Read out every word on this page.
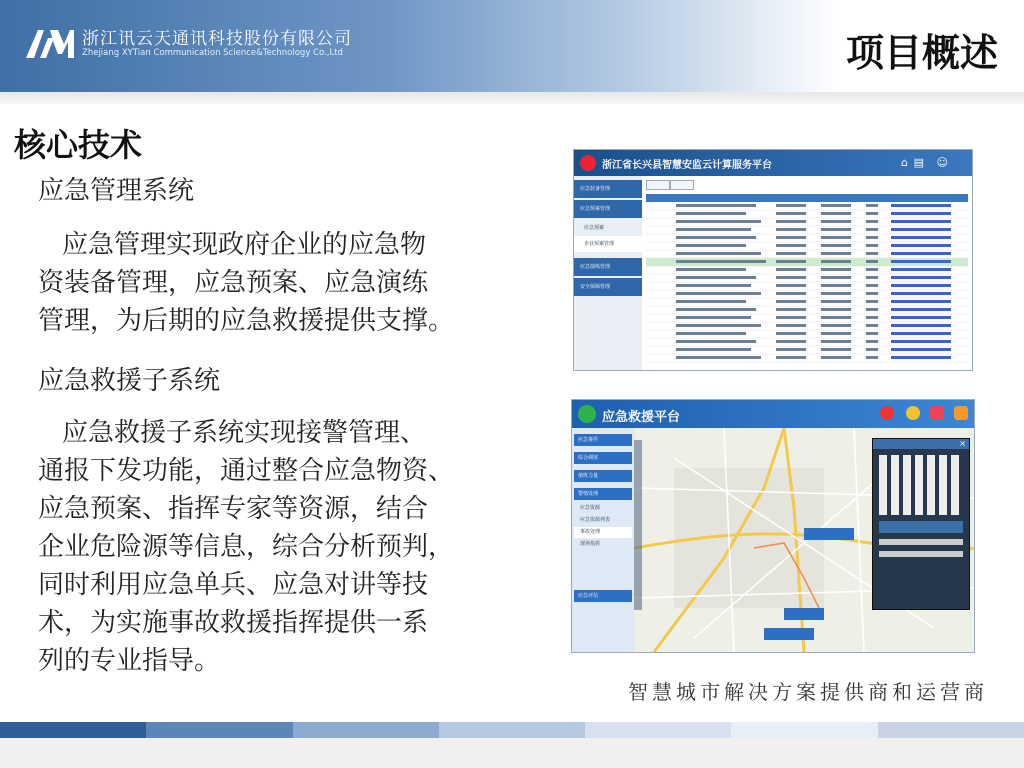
浙江讯云天通讯科技股份有限公司
Zhejiang XYTian Communication Science&Technology Co.,Ltd	项目概述
核心技术
应急管理系统
应急管理实现政府企业的应急物
资装备管理，应急预案、应急演练
管理，为后期的应急救援提供支撑。
应急救援子系统
应急救援子系统实现接警管理、
通报下发功能，通过整合应急物资、
应急预案、指挥专家等资源，结合
企业危险源等信息，综合分析预判，
同时利用应急单兵、应急对讲等技
术，为实施事故救援指挥提供一系
列的专业指导。
浙江省长兴县智慧安监云计算服务平台	⌂ ▤ ☺
应急装备管理
应急预案管理
应急预案
企业预案管理
应急演练管理
安全保障管理
应急救援平台
应急事件
综合调度
值班力量
警情处理
应急资源
应急资源列表
事故处理
现场指挥
应急评估
×
智慧城市解决方案提供商和运营商
